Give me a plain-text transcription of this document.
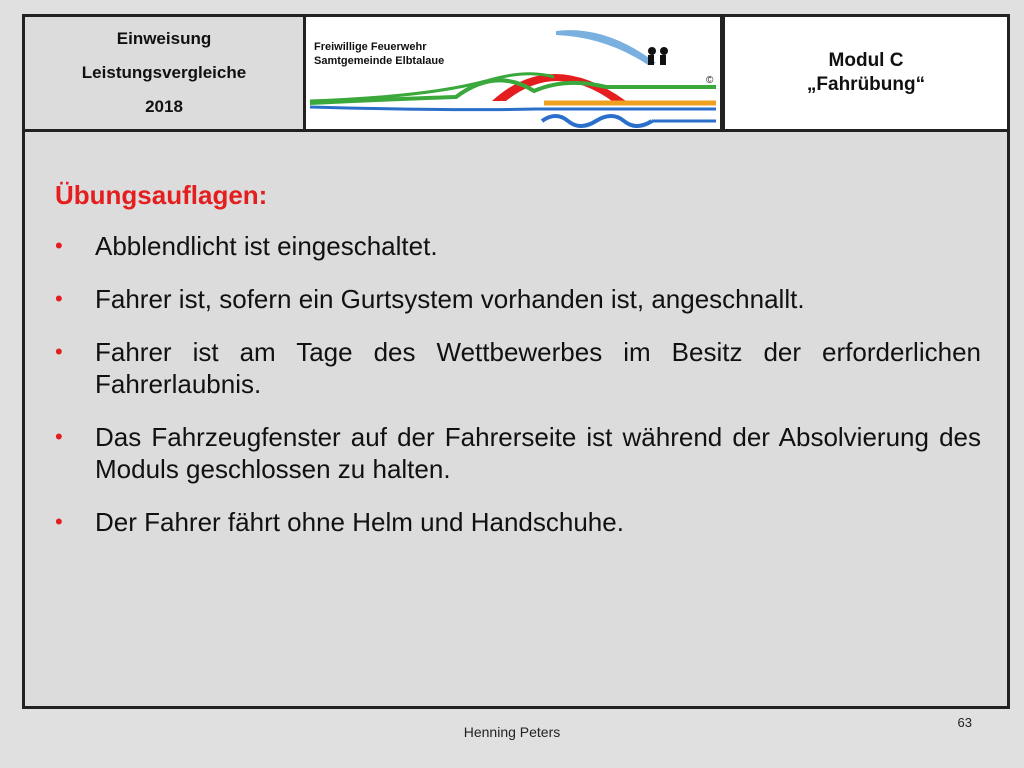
Einweisung
Leistungsvergleiche
2018
Freiwillige Feuerwehr
Samtgemeinde Elbtalaue
©
Modul C
„Fahrübung“
Übungsauflagen:
• Abblendlicht ist eingeschaltet.
• Fahrer ist, sofern ein Gurtsystem vorhanden ist, angeschnallt.
• Fahrer ist am Tage des Wettbewerbes im Besitz der erforderlichen Fahrerlaubnis.
• Das Fahrzeugfenster auf der Fahrerseite ist während der Absolvierung des Moduls geschlossen zu halten.
• Der Fahrer fährt ohne Helm und Handschuhe.
Henning Peters
63
